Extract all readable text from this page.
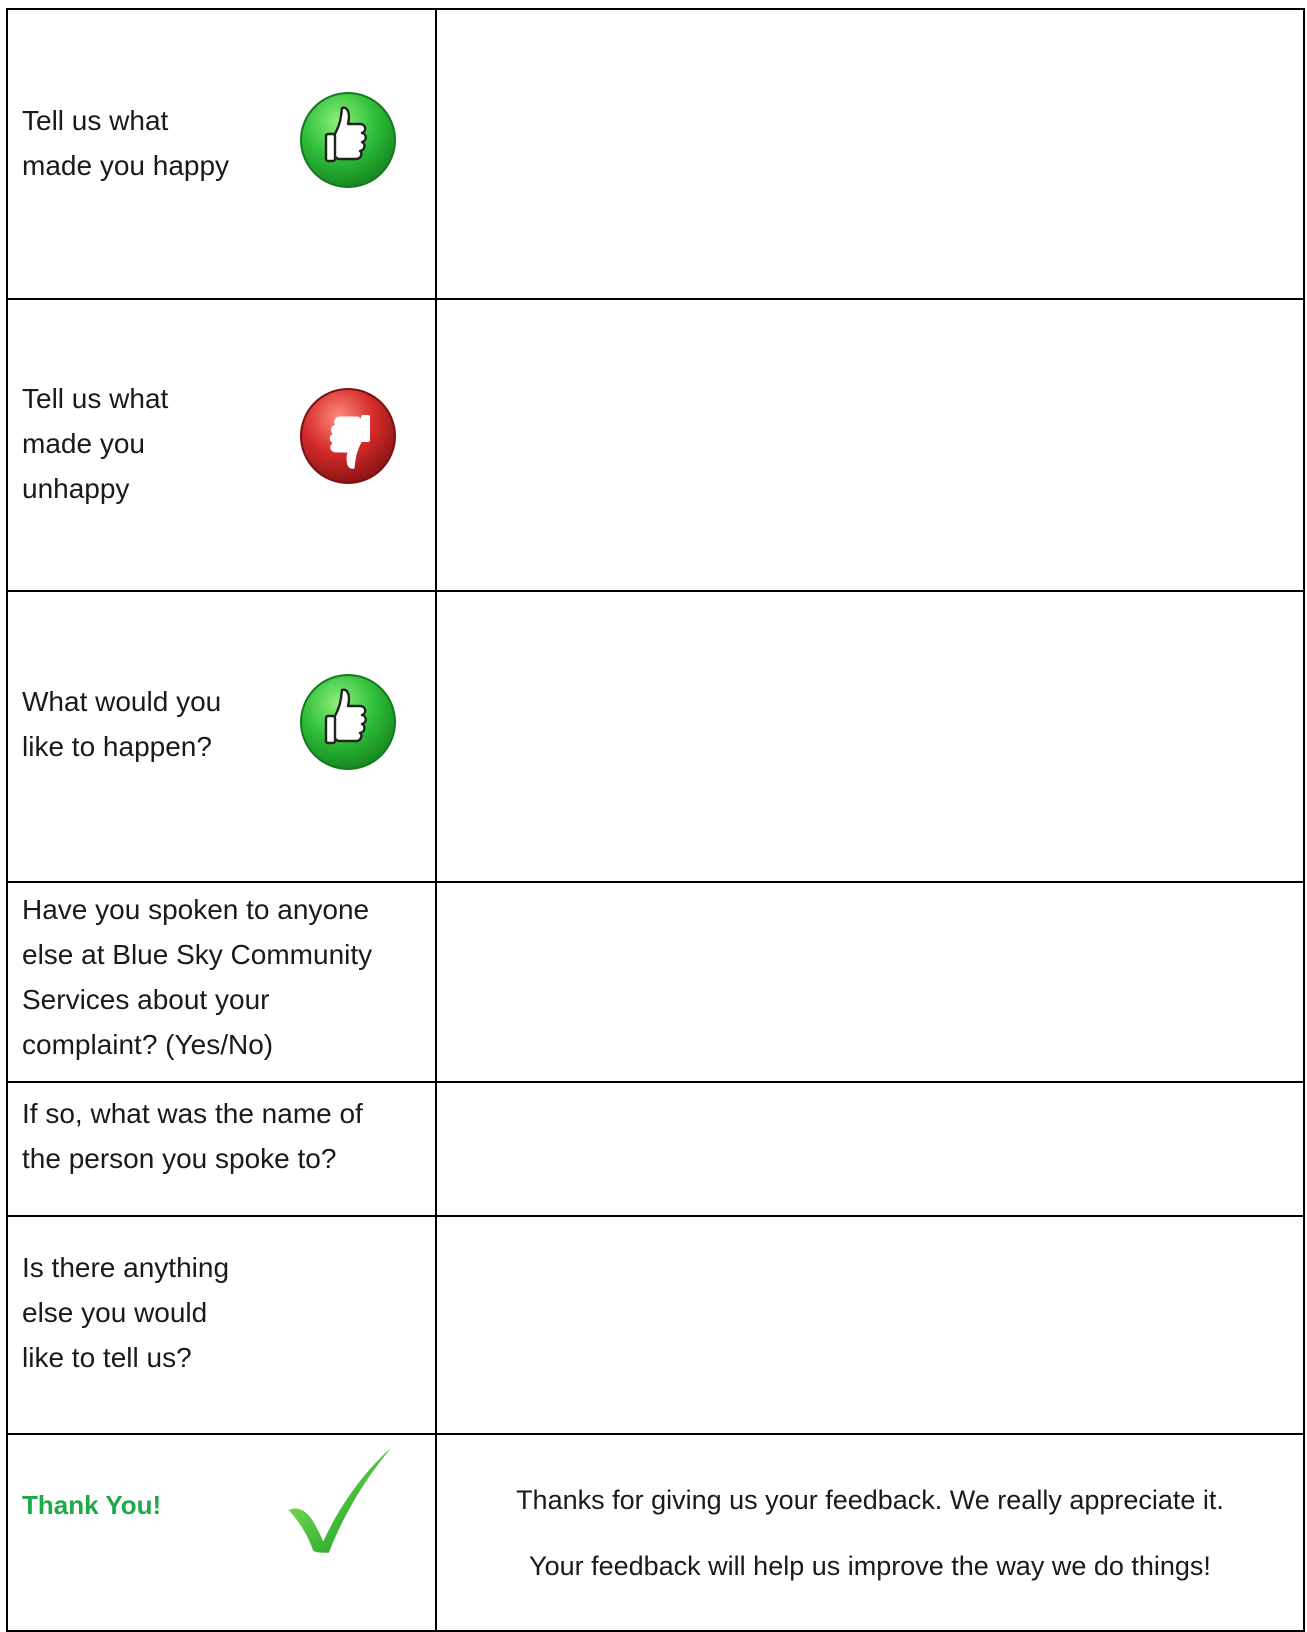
Tell us what
made you happy	

Tell us what
made you
unhappy	

What would you
like to happen?	

Have you spoken to anyone
else at Blue Sky Community
Services about your
complaint? (Yes/No)	

If so, what was the name of
the person you spoke to?	

Is there anything
else you would
like to tell us?	

Thank You!	Thanks for giving us your feedback. We really appreciate it.

Your feedback will help us improve the way we do things!
